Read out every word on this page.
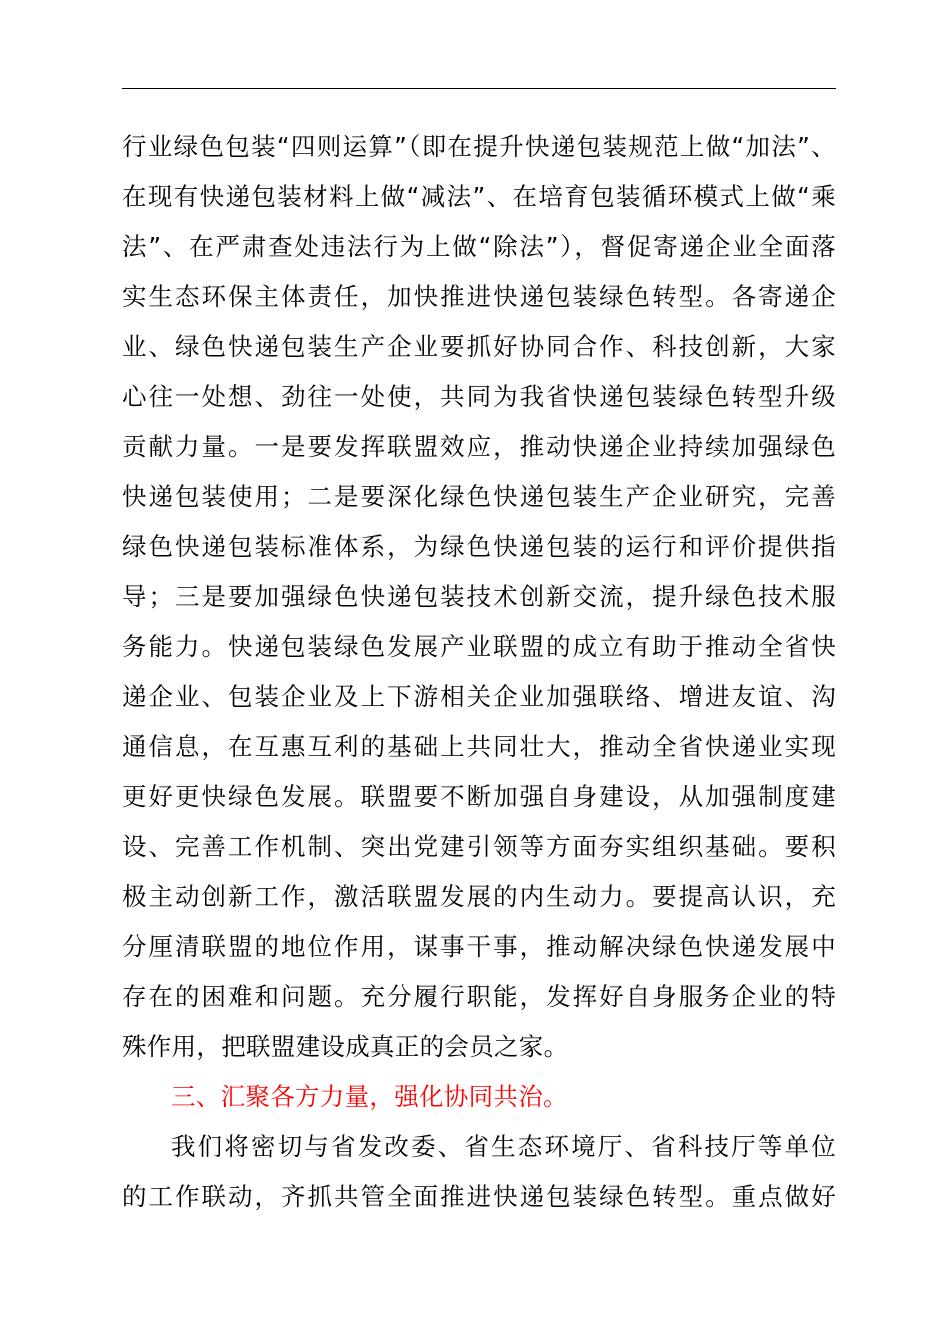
行业绿色包装“四则运算”（即在提升快递包装规范上做“加法”、
在现有快递包装材料上做“减法”、在培育包装循环模式上做“乘
法”、在严肃查处违法行为上做“除法”），督促寄递企业全面落
实生态环保主体责任，加快推进快递包装绿色转型。各寄递企
业、绿色快递包装生产企业要抓好协同合作、科技创新，大家
心往一处想、劲往一处使，共同为我省快递包装绿色转型升级
贡献力量。一是要发挥联盟效应，推动快递企业持续加强绿色
快递包装使用；二是要深化绿色快递包装生产企业研究，完善
绿色快递包装标准体系，为绿色快递包装的运行和评价提供指
导；三是要加强绿色快递包装技术创新交流，提升绿色技术服
务能力。快递包装绿色发展产业联盟的成立有助于推动全省快
递企业、包装企业及上下游相关企业加强联络、增进友谊、沟
通信息，在互惠互利的基础上共同壮大，推动全省快递业实现
更好更快绿色发展。联盟要不断加强自身建设，从加强制度建
设、完善工作机制、突出党建引领等方面夯实组织基础。要积
极主动创新工作，激活联盟发展的内生动力。要提高认识，充
分厘清联盟的地位作用，谋事干事，推动解决绿色快递发展中
存在的困难和问题。充分履行职能，发挥好自身服务企业的特
殊作用，把联盟建设成真正的会员之家。
三、汇聚各方力量，强化协同共治。
我们将密切与省发改委、省生态环境厅、省科技厅等单位
的工作联动，齐抓共管全面推进快递包装绿色转型。重点做好
